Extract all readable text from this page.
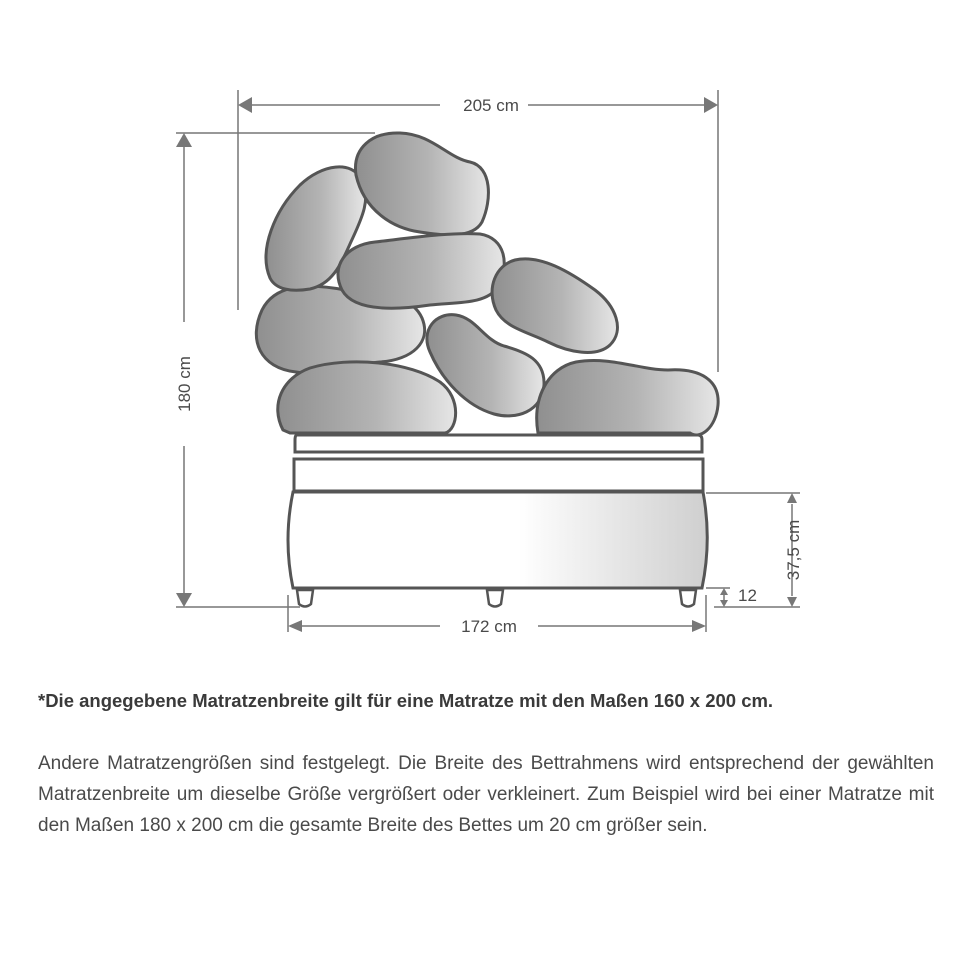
205 cm
180 cm
172 cm
37,5 cm
12

*Die angegebene Matratzenbreite gilt für eine Matratze mit den Maßen 160 x 200 cm.

Andere Matratzengrößen sind festgelegt. Die Breite des Bettrahmens wird entsprechend der gewählten Matratzenbreite um dieselbe Größe vergrößert oder verkleinert. Zum Beispiel wird bei einer Matratze mit den Maßen 180 x 200 cm die gesamte Breite des Bettes um 20 cm größer sein.
